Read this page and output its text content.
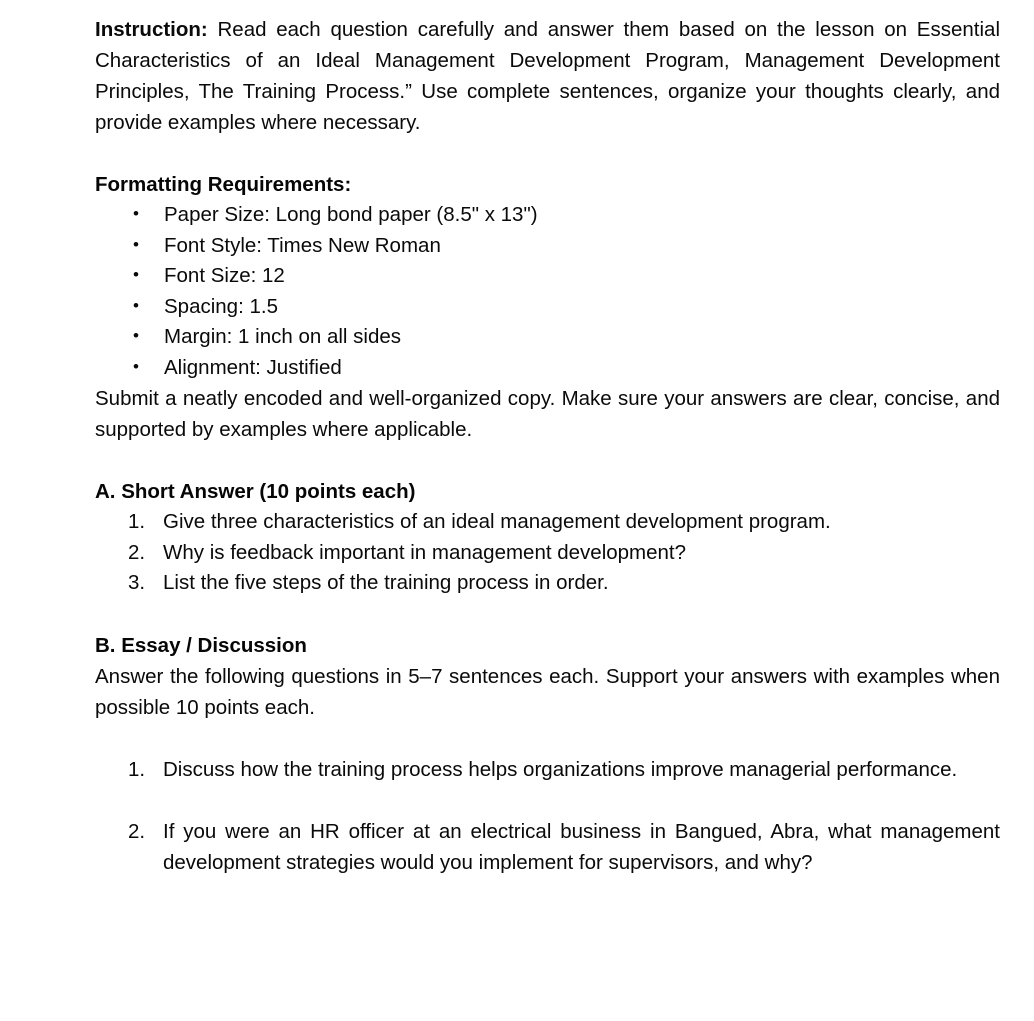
Instruction: Read each question carefully and answer them based on the lesson on Essential Characteristics of an Ideal Management Development Program, Management Development Principles, The Training Process.” Use complete sentences, organize your thoughts clearly, and provide examples where necessary.

Formatting Requirements:

• Paper Size: Long bond paper (8.5" x 13")
• Font Style: Times New Roman
• Font Size: 12
• Spacing: 1.5
• Margin: 1 inch on all sides
• Alignment: Justified

Submit a neatly encoded and well-organized copy. Make sure your answers are clear, concise, and supported by examples where applicable.

A. Short Answer (10 points each)

Give three characteristics of an ideal management development program.
Why is feedback important in management development?
List the five steps of the training process in order.

B. Essay / Discussion

Answer the following questions in 5–7 sentences each. Support your answers with examples when possible 10 points each.

Discuss how the training process helps organizations improve managerial performance.
If you were an HR officer at an electrical business in Bangued, Abra, what management development strategies would you implement for supervisors, and why?
